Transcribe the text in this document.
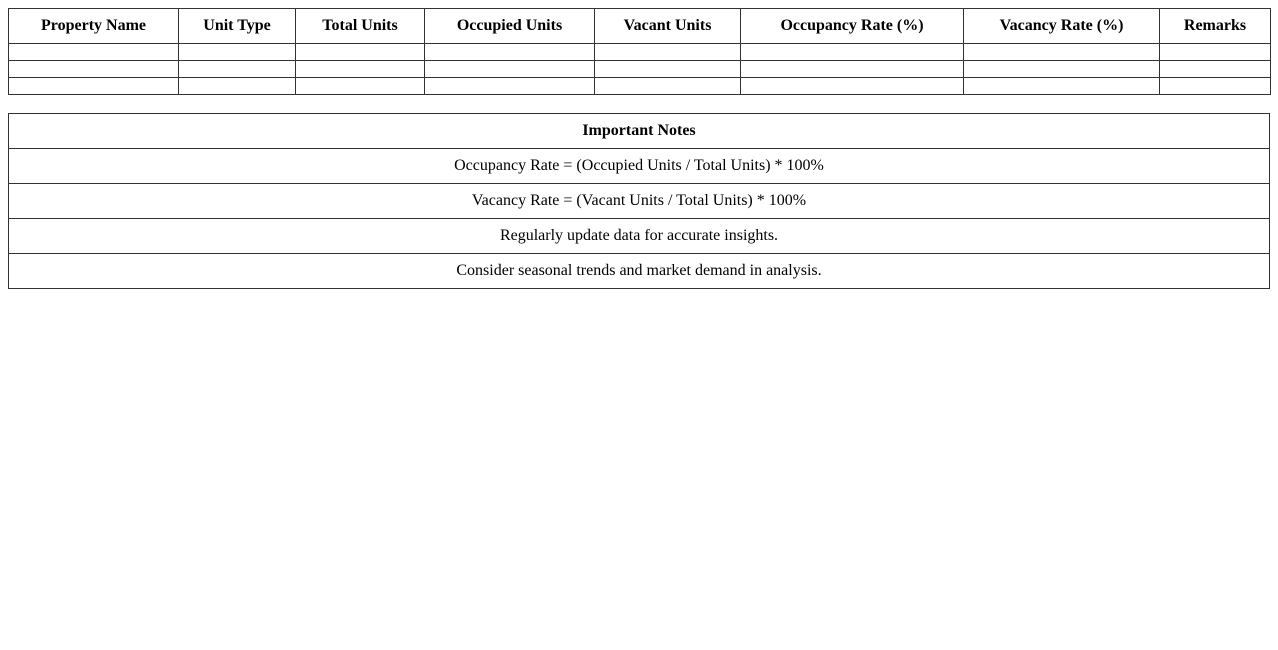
Property Name	Unit Type	Total Units	Occupied Units	Vacant Units	Occupancy Rate (%)	Vacancy Rate (%)	Remarks

Important Notes
Occupancy Rate = (Occupied Units / Total Units) * 100%
Vacancy Rate = (Vacant Units / Total Units) * 100%
Regularly update data for accurate insights.
Consider seasonal trends and market demand in analysis.
